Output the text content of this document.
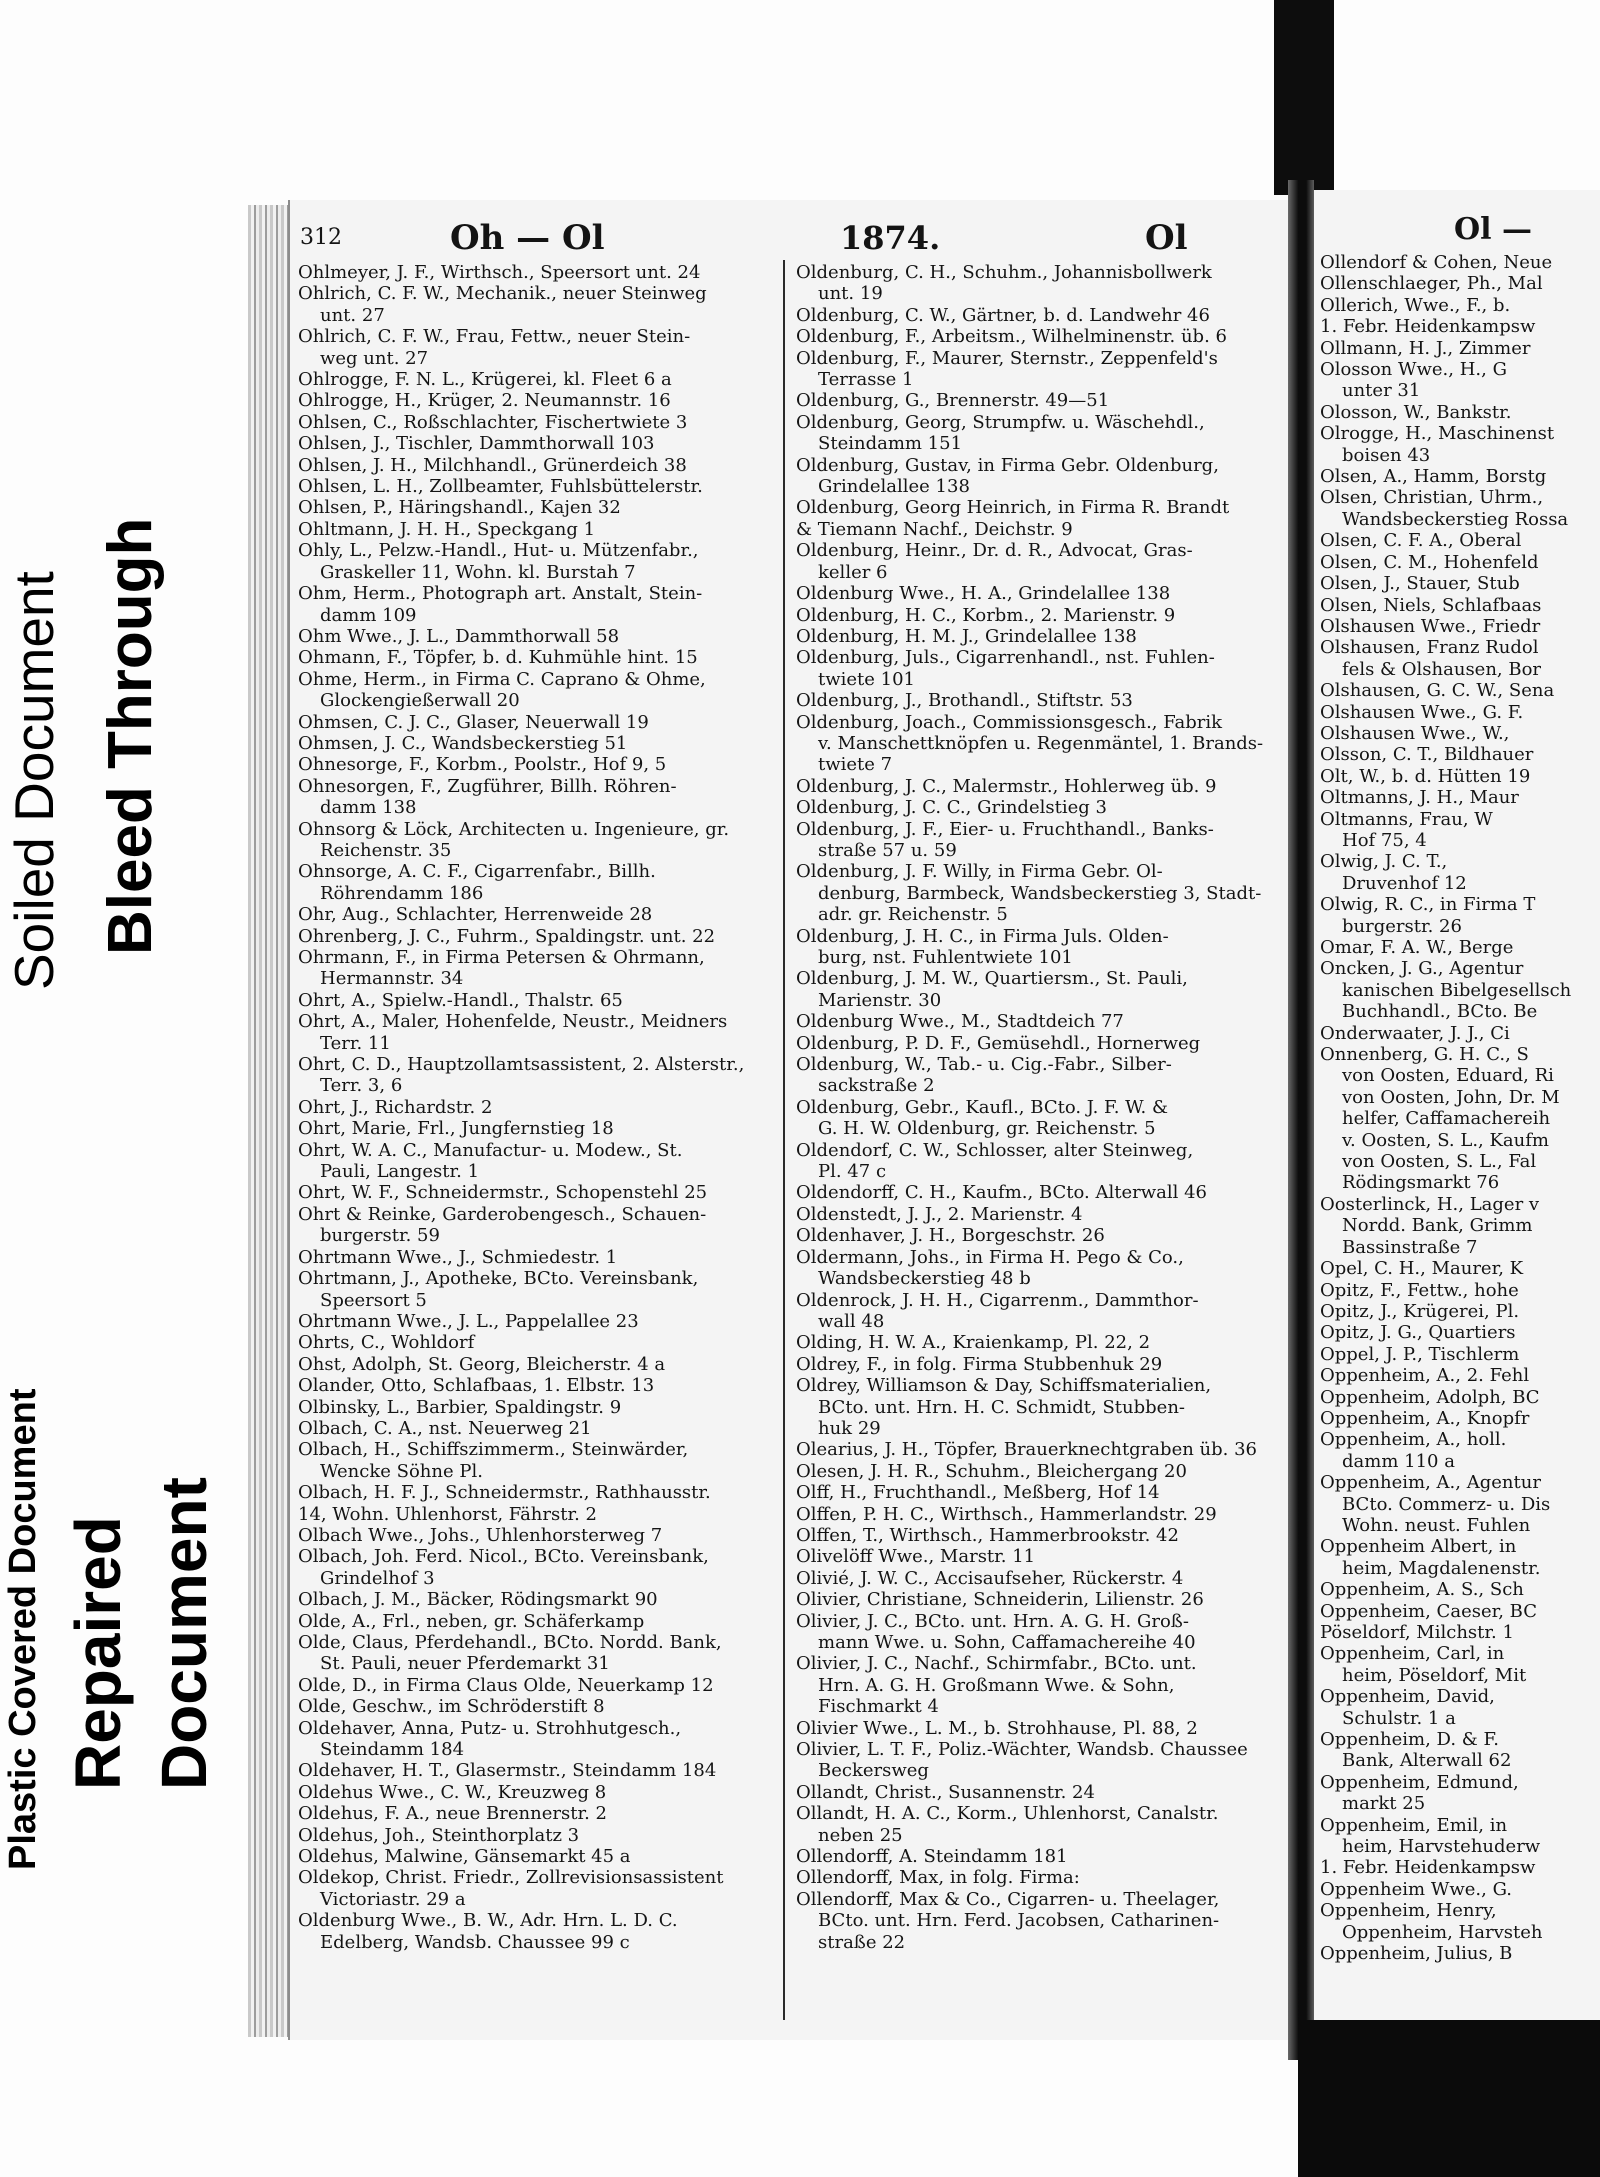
Soiled Document Bleed Through

Plastic Covered Document Repaired Document

312	Oh — Ol	1874.	Ol

Ohlmeyer, J. F., Wirthsch., Speersort unt. 24
Ohlrich, C. F. W., Mechanik., neuer Steinweg
unt. 27
Ohlrich, C. F. W., Frau, Fettw., neuer Stein-
weg unt. 27
Ohlrogge, F. N. L., Krügerei, kl. Fleet 6 a
Ohlrogge, H., Krüger, 2. Neumannstr. 16
Ohlsen, C., Roßschlachter, Fischertwiete 3
Ohlsen, J., Tischler, Dammthorwall 103
Ohlsen, J. H., Milchhandl., Grünerdeich 38
Ohlsen, L. H., Zollbeamter, Fuhlsbüttelerstr.
Ohlsen, P., Häringshandl., Kajen 32
Ohltmann, J. H. H., Speckgang 1
Ohly, L., Pelzw.-Handl., Hut- u. Mützenfabr.,
Graskeller 11, Wohn. kl. Burstah 7
Ohm, Herm., Photograph art. Anstalt, Stein-
damm 109
Ohm Wwe., J. L., Dammthorwall 58
Ohmann, F., Töpfer, b. d. Kuhmühle hint. 15
Ohme, Herm., in Firma C. Caprano & Ohme,
Glockengießerwall 20
Ohmsen, C. J. C., Glaser, Neuerwall 19
Ohmsen, J. C., Wandsbeckerstieg 51
Ohnesorge, F., Korbm., Poolstr., Hof 9, 5
Ohnesorgen, F., Zugführer, Billh. Röhren-
damm 138
Ohnsorg & Löck, Architecten u. Ingenieure, gr.
Reichenstr. 35
Ohnsorge, A. C. F., Cigarrenfabr., Billh.
Röhrendamm 186
Ohr, Aug., Schlachter, Herrenweide 28
Ohrenberg, J. C., Fuhrm., Spaldingstr. unt. 22
Ohrmann, F., in Firma Petersen & Ohrmann,
Hermannstr. 34
Ohrt, A., Spielw.-Handl., Thalstr. 65
Ohrt, A., Maler, Hohenfelde, Neustr., Meidners
Terr. 11
Ohrt, C. D., Hauptzollamtsassistent, 2. Alsterstr.,
Terr. 3, 6
Ohrt, J., Richardstr. 2
Ohrt, Marie, Frl., Jungfernstieg 18
Ohrt, W. A. C., Manufactur- u. Modew., St.
Pauli, Langestr. 1
Ohrt, W. F., Schneidermstr., Schopenstehl 25
Ohrt & Reinke, Garderobengesch., Schauen-
burgerstr. 59
Ohrtmann Wwe., J., Schmiedestr. 1
Ohrtmann, J., Apotheke, BCto. Vereinsbank,
Speersort 5
Ohrtmann Wwe., J. L., Pappelallee 23
Ohrts, C., Wohldorf
Ohst, Adolph, St. Georg, Bleicherstr. 4 a
Olander, Otto, Schlafbaas, 1. Elbstr. 13
Olbinsky, L., Barbier, Spaldingstr. 9
Olbach, C. A., nst. Neuerweg 21
Olbach, H., Schiffszimmerm., Steinwärder,
Wencke Söhne Pl.
Olbach, H. F. J., Schneidermstr., Rathhausstr.
14, Wohn. Uhlenhorst, Fährstr. 2
Olbach Wwe., Johs., Uhlenhorsterweg 7
Olbach, Joh. Ferd. Nicol., BCto. Vereinsbank,
Grindelhof 3
Olbach, J. M., Bäcker, Rödingsmarkt 90
Olde, A., Frl., neben, gr. Schäferkamp
Olde, Claus, Pferdehandl., BCto. Nordd. Bank,
St. Pauli, neuer Pferdemarkt 31
Olde, D., in Firma Claus Olde, Neuerkamp 12
Olde, Geschw., im Schröderstift 8
Oldehaver, Anna, Putz- u. Strohhutgesch.,
Steindamm 184
Oldehaver, H. T., Glasermstr., Steindamm 184
Oldehus Wwe., C. W., Kreuzweg 8
Oldehus, F. A., neue Brennerstr. 2
Oldehus, Joh., Steinthorplatz 3
Oldehus, Malwine, Gänsemarkt 45 a
Oldekop, Christ. Friedr., Zollrevisionsassistent
Victoriastr. 29 a
Oldenburg Wwe., B. W., Adr. Hrn. L. D. C.
Edelberg, Wandsb. Chaussee 99 c
Oldenburg, C. H., Schuhm., Johannisbollwerk
unt. 19
Oldenburg, C. W., Gärtner, b. d. Landwehr 46
Oldenburg, F., Arbeitsm., Wilhelminenstr. üb. 6
Oldenburg, F., Maurer, Sternstr., Zeppenfeld's
Terrasse 1
Oldenburg, G., Brennerstr. 49—51
Oldenburg, Georg, Strumpfw. u. Wäschehdl.,
Steindamm 151
Oldenburg, Gustav, in Firma Gebr. Oldenburg,
Grindelallee 138
Oldenburg, Georg Heinrich, in Firma R. Brandt
& Tiemann Nachf., Deichstr. 9
Oldenburg, Heinr., Dr. d. R., Advocat, Gras-
keller 6
Oldenburg Wwe., H. A., Grindelallee 138
Oldenburg, H. C., Korbm., 2. Marienstr. 9
Oldenburg, H. M. J., Grindelallee 138
Oldenburg, Juls., Cigarrenhandl., nst. Fuhlen-
twiete 101
Oldenburg, J., Brothandl., Stiftstr. 53
Oldenburg, Joach., Commissionsgesch., Fabrik
v. Manschettknöpfen u. Regenmäntel, 1. Brands-
twiete 7
Oldenburg, J. C., Malermstr., Hohlerweg üb. 9
Oldenburg, J. C. C., Grindelstieg 3
Oldenburg, J. F., Eier- u. Fruchthandl., Banks-
straße 57 u. 59
Oldenburg, J. F. Willy, in Firma Gebr. Ol-
denburg, Barmbeck, Wandsbeckerstieg 3, Stadt-
adr. gr. Reichenstr. 5
Oldenburg, J. H. C., in Firma Juls. Olden-
burg, nst. Fuhlentwiete 101
Oldenburg, J. M. W., Quartiersm., St. Pauli,
Marienstr. 30
Oldenburg Wwe., M., Stadtdeich 77
Oldenburg, P. D. F., Gemüsehdl., Hornerweg
Oldenburg, W., Tab.- u. Cig.-Fabr., Silber-
sackstraße 2
Oldenburg, Gebr., Kaufl., BCto. J. F. W. &
G. H. W. Oldenburg, gr. Reichenstr. 5
Oldendorf, C. W., Schlosser, alter Steinweg,
Pl. 47 c
Oldendorff, C. H., Kaufm., BCto. Alterwall 46
Oldenstedt, J. J., 2. Marienstr. 4
Oldenhaver, J. H., Borgeschstr. 26
Oldermann, Johs., in Firma H. Pego & Co.,
Wandsbeckerstieg 48 b
Oldenrock, J. H. H., Cigarrenm., Dammthor-
wall 48
Olding, H. W. A., Kraienkamp, Pl. 22, 2
Oldrey, F., in folg. Firma Stubbenhuk 29
Oldrey, Williamson & Day, Schiffsmaterialien,
BCto. unt. Hrn. H. C. Schmidt, Stubben-
huk 29
Olearius, J. H., Töpfer, Brauerknechtgraben üb. 36
Olesen, J. H. R., Schuhm., Bleichergang 20
Olff, H., Fruchthandl., Meßberg, Hof 14
Olffen, P. H. C., Wirthsch., Hammerlandstr. 29
Olffen, T., Wirthsch., Hammerbrookstr. 42
Olivelöff Wwe., Marstr. 11
Olivié, J. W. C., Accisaufseher, Rückerstr. 4
Olivier, Christiane, Schneiderin, Lilienstr. 26
Olivier, J. C., BCto. unt. Hrn. A. G. H. Groß-
mann Wwe. u. Sohn, Caffamachereihe 40
Olivier, J. C., Nachf., Schirmfabr., BCto. unt.
Hrn. A. G. H. Großmann Wwe. & Sohn,
Fischmarkt 4
Olivier Wwe., L. M., b. Strohhause, Pl. 88, 2
Olivier, L. T. F., Poliz.-Wächter, Wandsb. Chaussee
Beckersweg
Ollandt, Christ., Susannenstr. 24
Ollandt, H. A. C., Korm., Uhlenhorst, Canalstr.
neben 25
Ollendorff, A. Steindamm 181
Ollendorff, Max, in folg. Firma:
Ollendorff, Max & Co., Cigarren- u. Theelager,
BCto. unt. Hrn. Ferd. Jacobsen, Catharinen-
straße 22

Ol —

Ollendorf & Cohen, Neue
Ollenschlaeger, Ph., Mal
Ollerich, Wwe., F., b.
1. Febr. Heidenkampsw
Ollmann, H. J., Zimmer
Olosson Wwe., H., G
unter 31
Olosson, W., Bankstr.
Olrogge, H., Maschinenst
boisen 43
Olsen, A., Hamm, Borstg
Olsen, Christian, Uhrm.,
Wandsbeckerstieg Rossa
Olsen, C. F. A., Oberal
Olsen, C. M., Hohenfeld
Olsen, J., Stauer, Stub
Olsen, Niels, Schlafbaas
Olshausen Wwe., Friedr
Olshausen, Franz Rudol
fels & Olshausen, Bor
Olshausen, G. C. W., Sena
Olshausen Wwe., G. F.
Olshausen Wwe., W.,
Olsson, C. T., Bildhauer
Olt, W., b. d. Hütten 19
Oltmanns, J. H., Maur
Oltmanns, Frau, W
Hof 75, 4
Olwig, J. C. T.,
Druvenhof 12
Olwig, R. C., in Firma T
burgerstr. 26
Omar, F. A. W., Berge
Oncken, J. G., Agentur
kanischen Bibelgesellsch
Buchhandl., BCto. Be
Onderwaater, J. J., Ci
Onnenberg, G. H. C., S
von Oosten, Eduard, Ri
von Oosten, John, Dr. M
helfer, Caffamachereih
v. Oosten, S. L., Kaufm
von Oosten, S. L., Fal
Rödingsmarkt 76
Oosterlinck, H., Lager v
Nordd. Bank, Grimm
Bassinstraße 7
Opel, C. H., Maurer, K
Opitz, F., Fettw., hohe
Opitz, J., Krügerei, Pl.
Opitz, J. G., Quartiers
Oppel, J. P., Tischlerm
Oppenheim, A., 2. Fehl
Oppenheim, Adolph, BC
Oppenheim, A., Knopfr
Oppenheim, A., holl.
damm 110 a
Oppenheim, A., Agentur
BCto. Commerz- u. Dis
Wohn. neust. Fuhlen
Oppenheim Albert, in
heim, Magdalenenstr.
Oppenheim, A. S., Sch
Oppenheim, Caeser, BC
Pöseldorf, Milchstr. 1
Oppenheim, Carl, in
heim, Pöseldorf, Mit
Oppenheim, David,
Schulstr. 1 a
Oppenheim, D. & F.
Bank, Alterwall 62
Oppenheim, Edmund,
markt 25
Oppenheim, Emil, in
heim, Harvstehuderw
1. Febr. Heidenkampsw
Oppenheim Wwe., G.
Oppenheim, Henry,
Oppenheim, Harvsteh
Oppenheim, Julius, B
